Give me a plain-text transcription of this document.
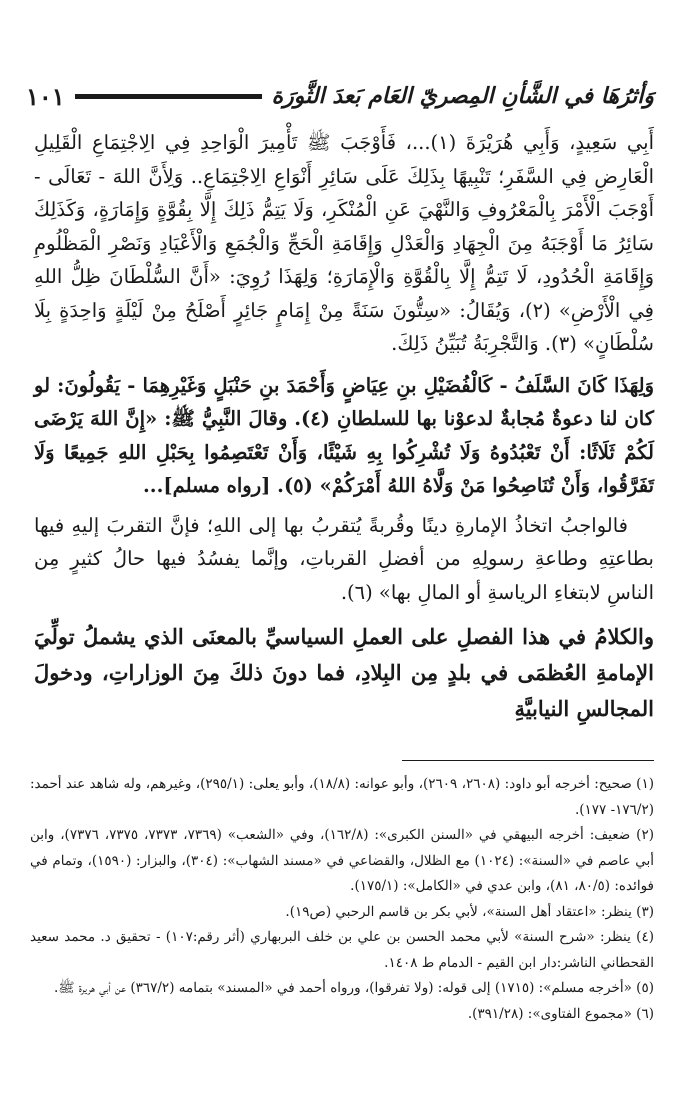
وَأثرُهَا في الشَّأنِ المِصريّ العَام بَعدَ الثَّورَة
١٠١

أَبِي سَعِيدٍ، وَأَبِي هُرَيْرَةَ (١)...، فَأَوْجَبَ ﷺ تَأْمِيرَ الْوَاحِدِ فِي الِاجْتِمَاعِ الْقَلِيلِ الْعَارِضِ فِي السَّفَرِ؛ تَنْبِيهًا بِذَلِكَ عَلَى سَائِرِ أَنْوَاعِ الِاجْتِمَاعِ.. وَلِأَنَّ اللهَ - تَعَالَى - أَوْجَبَ الْأَمْرَ بِالْمَعْرُوفِ وَالنَّهْيَ عَنِ الْمُنْكَرِ، وَلَا يَتِمُّ ذَلِكَ إِلَّا بِقُوَّةٍ وَإِمَارَةٍ، وَكَذَلِكَ سَائِرُ مَا أَوْجَبَهُ مِنَ الْجِهَادِ وَالْعَدْلِ وَإِقَامَةِ الْحَجِّ وَالْجُمَعِ وَالْأَعْيَادِ وَنَصْرِ الْمَظْلُومِ وَإِقَامَةِ الْحُدُودِ، لَا تَتِمُّ إِلَّا بِالْقُوَّةِ وَالْإِمَارَةِ؛ وَلِهَذَا رُوِيَ: «أَنَّ السُّلْطَانَ ظِلُّ اللهِ فِي الْأَرْضِ» (٢)، وَيُقَالُ: «سِتُّونَ سَنَةً مِنْ إِمَامٍ جَائِرٍ أَصْلَحُ مِنْ لَيْلَةٍ وَاحِدَةٍ بِلَا سُلْطَانٍ» (٣). وَالتَّجْرِبَةُ تُبَيِّنُ ذَلِكَ.

وَلِهَذَا كَانَ السَّلَفُ - كَالْفُضَيْلِ بنِ عِيَاضٍ وَأَحْمَدَ بنِ حَنْبَلٍ وَغَيْرِهِمَا - يَقُولُونَ: لو كان لنا دعوةٌ مُجابةٌ لدعوْنا بها للسلطانِ (٤). وقالَ النَّبِيُّ ﷺ: «إِنَّ اللهَ يَرْضَى لَكُمْ ثَلَاثًا: أَنْ تَعْبُدُوهُ وَلَا تُشْرِكُوا بِهِ شَيْئًا، وَأَنْ تَعْتَصِمُوا بِحَبْلِ اللهِ جَمِيعًا وَلَا تَفَرَّقُوا، وَأَنْ تُنَاصِحُوا مَنْ وَلَّاهُ اللهُ أَمْرَكُمْ» (٥). [رواه مسلم]...

فالواجبُ اتخاذُ الإمارةِ دينًا وقُربةً يُتقربُ بها إلى اللهِ؛ فإنَّ التقربَ إليهِ فيها بطاعتِهِ وطاعةِ رسولِهِ من أفضلِ القرباتِ، وإنَّما يفسُدُ فيها حالُ كثيرٍ مِن الناسِ لابتغاءِ الرياسةِ أو المالِ بها» (٦).

والكلامُ في هذا الفصلِ على العملِ السياسيِّ بالمعنَى الذي يشملُ تولِّيَ الإمامةِ العُظمَى في بلدٍ مِن البِلادِ، فما دونَ ذلكَ مِنَ الوزاراتِ، ودخولَ المجالسِ النيابيَّةِ

(١) صحيح: أخرجه أبو داود: (٢٦٠٨، ٢٦٠٩)، وأبو عوانه: (١٨/٨)، وأبو يعلى: (٢٩٥/١)، وغيرهم، وله شاهد عند أحمد: (١٧٦/٢- ١٧٧).

(٢) ضعيف: أخرجه البيهقي في «السنن الكبرى»: (١٦٢/٨)، وفي «الشعب» (٧٣٦٩، ٧٣٧٣، ٧٣٧٥، ٧٣٧٦)، وابن أبي عاصم في «السنة»: (١٠٢٤) مع الظلال، والقضاعي في «مسند الشهاب»: (٣٠٤)، والبزار: (١٥٩٠)، وتمام في فوائده: (٨٠/٥، ٨١)، وابن عدي في «الكامل»: (١٧٥/١).

(٣) ينظر: «اعتقاد أهل السنة»، لأبي بكر بن قاسم الرحبي (ص١٩).

(٤) ينظر: «شرح السنة» لأبي محمد الحسن بن علي بن خلف البربهاري (أثر رقم:١٠٧) - تحقيق د. محمد سعيد القحطاني الناشر:دار ابن القيم - الدمام ط ١٤٠٨.

(٥) «أخرجه مسلم»: (١٧١٥) إلى قوله: (ولا تفرقوا)، ورواه أحمد في «المسند» بتمامه (٣٦٧/٢) عن أبي هريرة ﷺ.

(٦) «مجموع الفتاوى»: (٣٩١/٢٨).
